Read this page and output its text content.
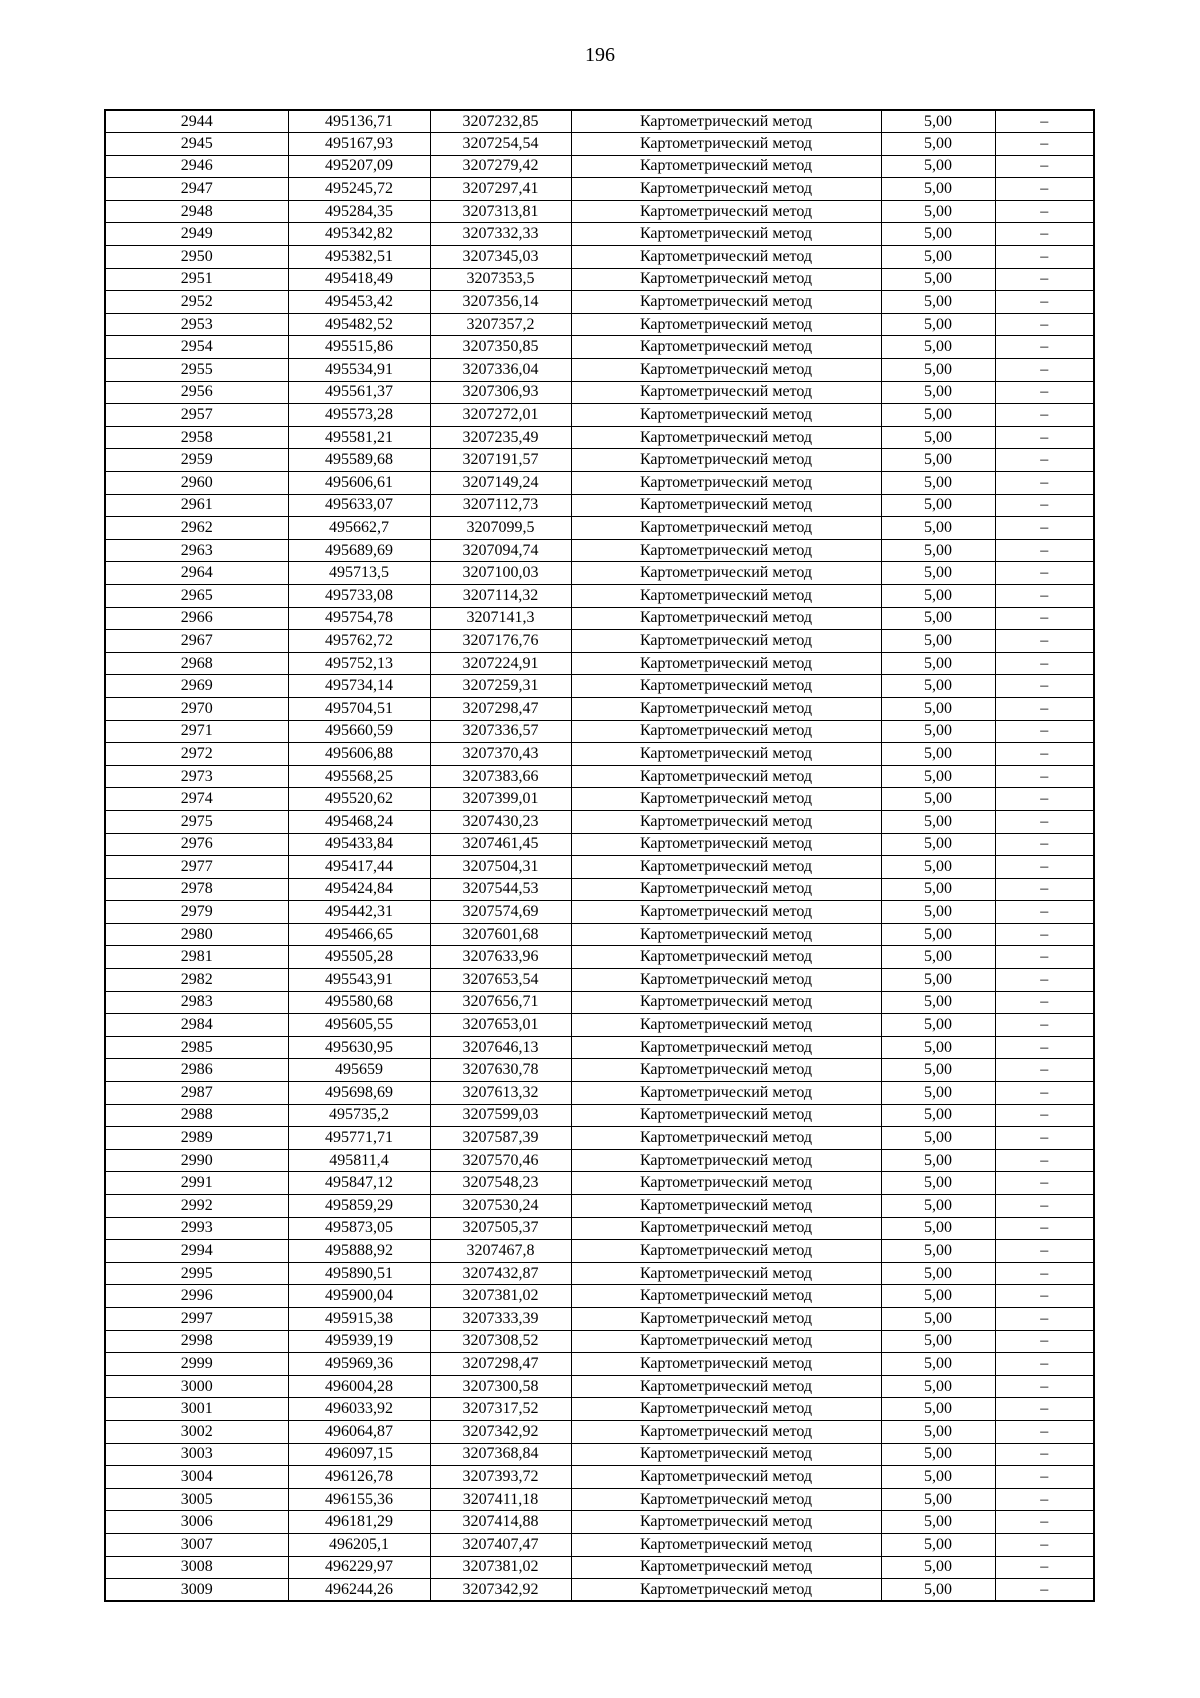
196
2944	495136,71	3207232,85	Картометрический метод	5,00	–
2945	495167,93	3207254,54	Картометрический метод	5,00	–
2946	495207,09	3207279,42	Картометрический метод	5,00	–
2947	495245,72	3207297,41	Картометрический метод	5,00	–
2948	495284,35	3207313,81	Картометрический метод	5,00	–
2949	495342,82	3207332,33	Картометрический метод	5,00	–
2950	495382,51	3207345,03	Картометрический метод	5,00	–
2951	495418,49	3207353,5	Картометрический метод	5,00	–
2952	495453,42	3207356,14	Картометрический метод	5,00	–
2953	495482,52	3207357,2	Картометрический метод	5,00	–
2954	495515,86	3207350,85	Картометрический метод	5,00	–
2955	495534,91	3207336,04	Картометрический метод	5,00	–
2956	495561,37	3207306,93	Картометрический метод	5,00	–
2957	495573,28	3207272,01	Картометрический метод	5,00	–
2958	495581,21	3207235,49	Картометрический метод	5,00	–
2959	495589,68	3207191,57	Картометрический метод	5,00	–
2960	495606,61	3207149,24	Картометрический метод	5,00	–
2961	495633,07	3207112,73	Картометрический метод	5,00	–
2962	495662,7	3207099,5	Картометрический метод	5,00	–
2963	495689,69	3207094,74	Картометрический метод	5,00	–
2964	495713,5	3207100,03	Картометрический метод	5,00	–
2965	495733,08	3207114,32	Картометрический метод	5,00	–
2966	495754,78	3207141,3	Картометрический метод	5,00	–
2967	495762,72	3207176,76	Картометрический метод	5,00	–
2968	495752,13	3207224,91	Картометрический метод	5,00	–
2969	495734,14	3207259,31	Картометрический метод	5,00	–
2970	495704,51	3207298,47	Картометрический метод	5,00	–
2971	495660,59	3207336,57	Картометрический метод	5,00	–
2972	495606,88	3207370,43	Картометрический метод	5,00	–
2973	495568,25	3207383,66	Картометрический метод	5,00	–
2974	495520,62	3207399,01	Картометрический метод	5,00	–
2975	495468,24	3207430,23	Картометрический метод	5,00	–
2976	495433,84	3207461,45	Картометрический метод	5,00	–
2977	495417,44	3207504,31	Картометрический метод	5,00	–
2978	495424,84	3207544,53	Картометрический метод	5,00	–
2979	495442,31	3207574,69	Картометрический метод	5,00	–
2980	495466,65	3207601,68	Картометрический метод	5,00	–
2981	495505,28	3207633,96	Картометрический метод	5,00	–
2982	495543,91	3207653,54	Картометрический метод	5,00	–
2983	495580,68	3207656,71	Картометрический метод	5,00	–
2984	495605,55	3207653,01	Картометрический метод	5,00	–
2985	495630,95	3207646,13	Картометрический метод	5,00	–
2986	495659	3207630,78	Картометрический метод	5,00	–
2987	495698,69	3207613,32	Картометрический метод	5,00	–
2988	495735,2	3207599,03	Картометрический метод	5,00	–
2989	495771,71	3207587,39	Картометрический метод	5,00	–
2990	495811,4	3207570,46	Картометрический метод	5,00	–
2991	495847,12	3207548,23	Картометрический метод	5,00	–
2992	495859,29	3207530,24	Картометрический метод	5,00	–
2993	495873,05	3207505,37	Картометрический метод	5,00	–
2994	495888,92	3207467,8	Картометрический метод	5,00	–
2995	495890,51	3207432,87	Картометрический метод	5,00	–
2996	495900,04	3207381,02	Картометрический метод	5,00	–
2997	495915,38	3207333,39	Картометрический метод	5,00	–
2998	495939,19	3207308,52	Картометрический метод	5,00	–
2999	495969,36	3207298,47	Картометрический метод	5,00	–
3000	496004,28	3207300,58	Картометрический метод	5,00	–
3001	496033,92	3207317,52	Картометрический метод	5,00	–
3002	496064,87	3207342,92	Картометрический метод	5,00	–
3003	496097,15	3207368,84	Картометрический метод	5,00	–
3004	496126,78	3207393,72	Картометрический метод	5,00	–
3005	496155,36	3207411,18	Картометрический метод	5,00	–
3006	496181,29	3207414,88	Картометрический метод	5,00	–
3007	496205,1	3207407,47	Картометрический метод	5,00	–
3008	496229,97	3207381,02	Картометрический метод	5,00	–
3009	496244,26	3207342,92	Картометрический метод	5,00	–
